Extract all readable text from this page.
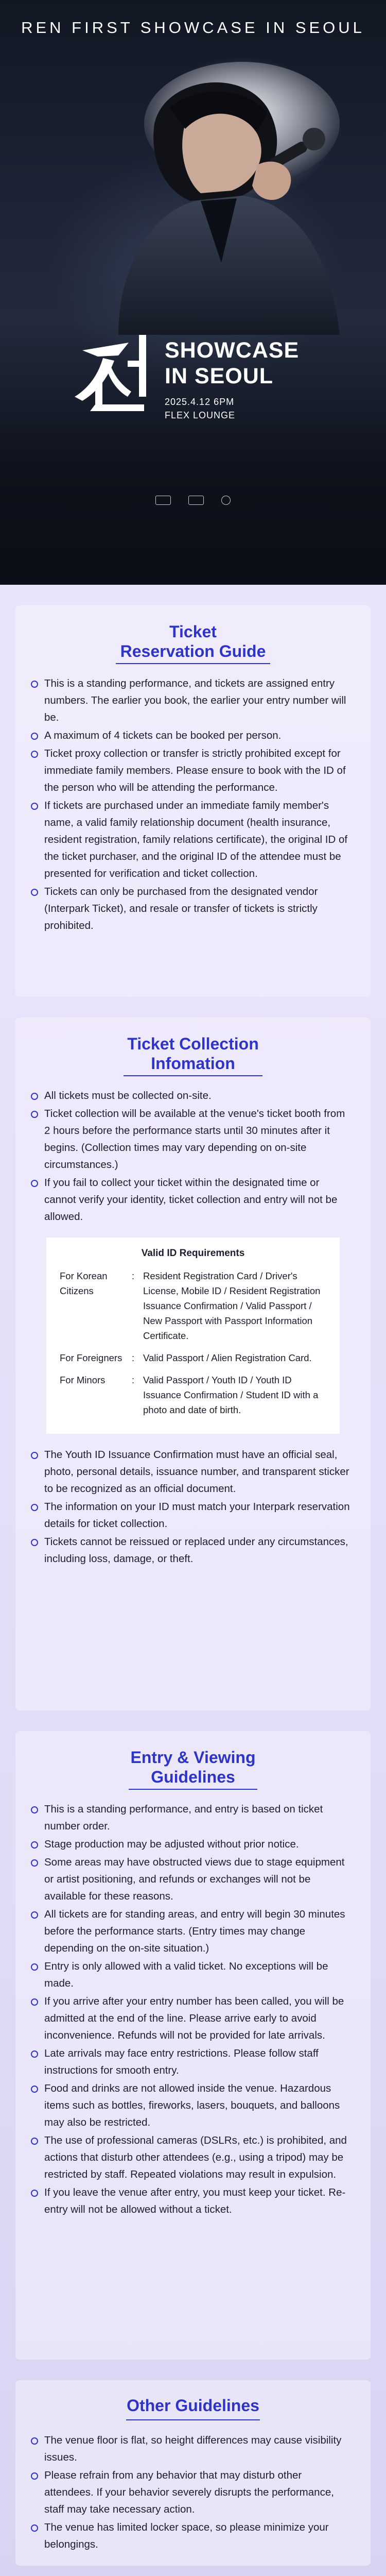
REN FIRST SHOWCASE IN SEOUL
SHOWCASE
IN SEOUL
2025.4.12 6PM
FLEX LOUNGE
Ticket
Reservation Guide
This is a standing performance, and tickets are assigned entry numbers. The earlier you book, the earlier your entry number will be.
A maximum of 4 tickets can be booked per person.
Ticket proxy collection or transfer is strictly prohibited except for immediate family members. Please ensure to book with the ID of the person who will be attending the performance.
If tickets are purchased under an immediate family member's name, a valid family relationship document (health insurance, resident registration, family relations certificate), the original ID of the ticket purchaser, and the original ID of the attendee must be presented for verification and ticket collection.
Tickets can only be purchased from the designated vendor (Interpark Ticket), and resale or transfer of tickets is strictly prohibited.
Ticket Collection
Infomation
All tickets must be collected on-site.
Ticket collection will be available at the venue's ticket booth from 2 hours before the performance starts until 30 minutes after it begins. (Collection times may vary depending on on-site circumstances.)
If you fail to collect your ticket within the designated time or cannot verify your identity, ticket collection and entry will not be allowed.
Valid ID Requirements
For Korean Citizens
: Resident Registration Card / Driver's License, Mobile ID / Resident Registration Issuance Confirmation / Valid Passport / New Passport with Passport Information Certificate.
For Foreigners	: Valid Passport / Alien Registration Card.
For Minors	: Valid Passport / Youth ID / Youth ID Issuance Confirmation / Student ID with a photo and date of birth.
The Youth ID Issuance Confirmation must have an official seal, photo, personal details, issuance number, and transparent sticker to be recognized as an official document.
The information on your ID must match your Interpark reservation details for ticket collection.
Tickets cannot be reissued or replaced under any circumstances, including loss, damage, or theft.
Entry & Viewing
Guidelines
This is a standing performance, and entry is based on ticket number order.
Stage production may be adjusted without prior notice.
Some areas may have obstructed views due to stage equipment or artist positioning, and refunds or exchanges will not be available for these reasons.
All tickets are for standing areas, and entry will begin 30 minutes before the performance starts. (Entry times may change depending on the on-site situation.)
Entry is only allowed with a valid ticket. No exceptions will be made.
If you arrive after your entry number has been called, you will be admitted at the end of the line. Please arrive early to avoid inconvenience. Refunds will not be provided for late arrivals.
Late arrivals may face entry restrictions. Please follow staff instructions for smooth entry.
Food and drinks are not allowed inside the venue. Hazardous items such as bottles, fireworks, lasers, bouquets, and balloons may also be restricted.
The use of professional cameras (DSLRs, etc.) is prohibited, and actions that disturb other attendees (e.g., using a tripod) may be restricted by staff. Repeated violations may result in expulsion.
If you leave the venue after entry, you must keep your ticket. Re-entry will not be allowed without a ticket.
Other Guidelines
The venue floor is flat, so height differences may cause visibility issues.
Please refrain from any behavior that may disturb other attendees. If your behavior severely disrupts the performance, staff may take necessary action.
The venue has limited locker space, so please minimize your belongings.
